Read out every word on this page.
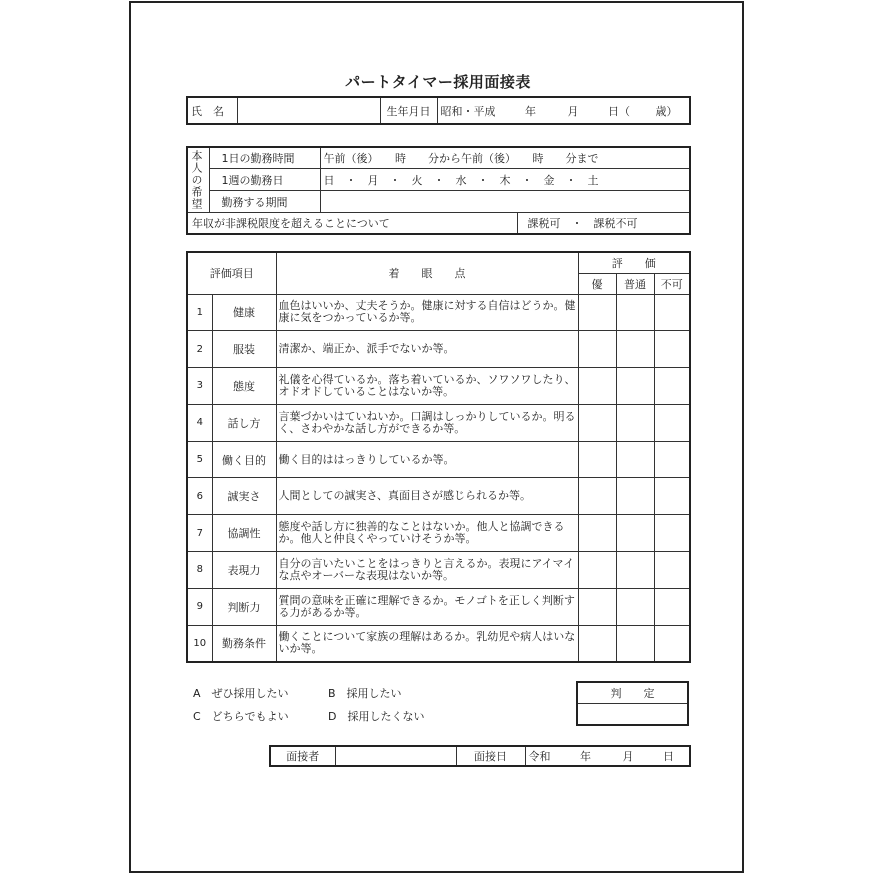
パートタイマー採用面接表
氏　名		生年月日	昭和・平成	年	月	日（ 歳）
本人の希望	1日の勤務時間	午前（後）　　時　　分から午前（後）　　時　　分まで	
	1週の勤務日	日　・　月　・　火　・　水　・　木　・　金　・　土	
	勤務する期間		
年収が非課税限度を超えることについて			課税可　・　課税不可
評価項目		着　　眼　　点	評　　価		
			優	普通	不可
1	健康	血色はいいか、丈夫そうか。健康に対する自信はどうか。健康に気をつかっているか等。			
2	服装	清潔か、端正か、派手でないか等。			
3	態度	礼儀を心得ているか。落ち着いているか、ソワソワしたり、オドオドしていることはないか等。			
4	話し方	言葉づかいはていねいか。口調はしっかりしているか。明るく、さわやかな話し方ができるか等。			
5	働く目的	働く目的ははっきりしているか等。			
6	誠実さ	人間としての誠実さ、真面目さが感じられるか等。			
7	協調性	態度や話し方に独善的なことはないか。他人と協調できるか。他人と仲良くやっていけそうか等。			
8	表現力	自分の言いたいことをはっきりと言えるか。表現にアイマイな点やオーバーな表現はないか等。			
9	判断力	質問の意味を正確に理解できるか。モノゴトを正しく判断する力があるか等。			
10	勤務条件	働くことについて家族の理解はあるか。乳幼児や病人はいないか等。			
A　ぜひ採用したい	B　採用したい
C　どちらでもよい	D　採用したくない
判　　定

面接者		面接日	令和	年	月	日
